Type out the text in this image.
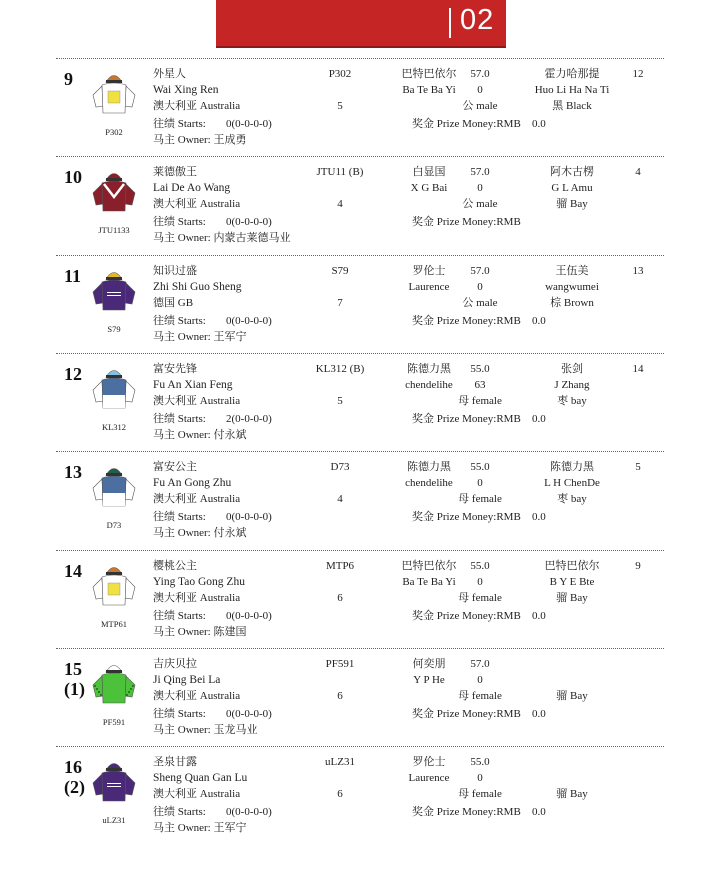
02
9
P302
外星人
Wai Xing Ren
澳大利亚 Australia
往绩 Starts: 0(0-0-0-0)
马主 Owner: 王成勇
P302
5
巴特巴依尔
Ba Te Ba Yi
57.0
0
公 male
奖金 Prize Money:RMB 0.0
霍力哈那提
Huo Li Ha Na Ti
黑 Black
12
10
JTU1133
莱德傲王
Lai De Ao Wang
澳大利亚 Australia
往绩 Starts: 0(0-0-0-0)
马主 Owner: 内蒙古莱德马业
JTU11 (B)
4
白显国
X G Bai
57.0
0
公 male
奖金 Prize Money:RMB
阿木古楞
G L Amu
骝 Bay
4
11
S79
知识过盛
Zhi Shi Guo Sheng
德国 GB
往绩 Starts: 0(0-0-0-0)
马主 Owner: 王军宁
S79
7
罗伦士
Laurence
57.0
0
公 male
奖金 Prize Money:RMB 0.0
王伍美
wangwumei
棕 Brown
13
12
KL312
富安先锋
Fu An Xian Feng
澳大利亚 Australia
往绩 Starts: 2(0-0-0-0)
马主 Owner: 付永斌
KL312 (B)
5
陈德力黑
chendelihe
55.0
63
母 female
奖金 Prize Money:RMB 0.0
张剑
J Zhang
枣 bay
14
13
D73
富安公主
Fu An Gong Zhu
澳大利亚 Australia
往绩 Starts: 0(0-0-0-0)
马主 Owner: 付永斌
D73
4
陈德力黑
chendelihe
55.0
0
母 female
奖金 Prize Money:RMB 0.0
陈德力黑
L H ChenDe
枣 bay
5
14
MTP61
樱桃公主
Ying Tao Gong Zhu
澳大利亚 Australia
往绩 Starts: 0(0-0-0-0)
马主 Owner: 陈建国
MTP6
6
巴特巴依尔
Ba Te Ba Yi
55.0
0
母 female
奖金 Prize Money:RMB 0.0
巴特巴依尔
B Y E Bte
骝 Bay
9
15
(1)
PF591
吉庆贝拉
Ji Qing Bei La
澳大利亚 Australia
往绩 Starts: 0(0-0-0-0)
马主 Owner: 玉龙马业
PF591
6
何奕朋
Y P He
57.0
0
母 female
奖金 Prize Money:RMB 0.0
骝 Bay
16
(2)
uLZ31
圣泉甘露
Sheng Quan Gan Lu
澳大利亚 Australia
往绩 Starts: 0(0-0-0-0)
马主 Owner: 王军宁
uLZ31
6
罗伦士
Laurence
55.0
0
母 female
奖金 Prize Money:RMB 0.0
骝 Bay
